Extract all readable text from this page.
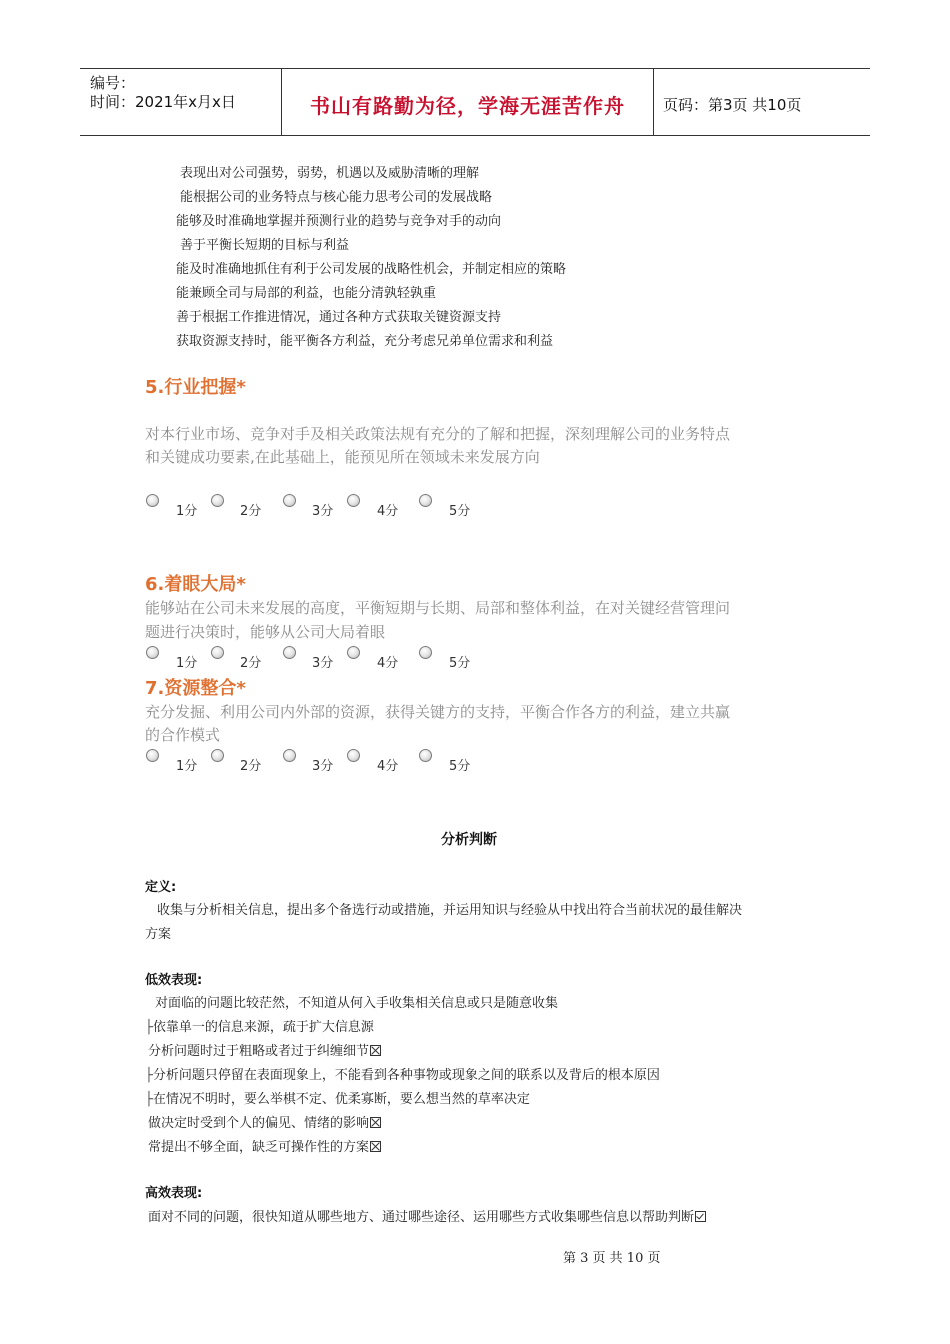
编号：
时间：2021年x月x日	书山有路勤为径，学海无涯苦作舟	页码：第3页 共10页
表现出对公司强势，弱势，机遇以及威胁清晰的理解
能根据公司的业务特点与核心能力思考公司的发展战略
能够及时准确地掌握并预测行业的趋势与竞争对手的动向
善于平衡长短期的目标与利益
能及时准确地抓住有利于公司发展的战略性机会，并制定相应的策略
能兼顾全司与局部的利益，也能分清孰轻孰重
善于根据工作推进情况，通过各种方式获取关键资源支持
获取资源支持时，能平衡各方利益，充分考虑兄弟单位需求和利益
5.行业把握*
对本行业市场、竞争对手及相关政策法规有充分的了解和把握，深刻理解公司的业务特点
和关键成功要素,在此基础上，能预见所在领域未来发展方向
1分	2分	3分	4分	5分
6.着眼大局*
能够站在公司未来发展的高度，平衡短期与长期、局部和整体利益，在对关键经营管理问
题进行决策时，能够从公司大局着眼
1分	2分	3分	4分	5分
7.资源整合*
充分发掘、利用公司内外部的资源，获得关键方的支持，平衡合作各方的利益，建立共赢
的合作模式
1分	2分	3分	4分	5分
分析判断
定义:
收集与分析相关信息，提出多个备选行动或措施，并运用知识与经验从中找出符合当前状况的最佳解决
方案
低效表现:
对面临的问题比较茫然，不知道从何入手收集相关信息或只是随意收集
├依靠单一的信息来源，疏于扩大信息源
分析问题时过于粗略或者过于纠缠细节
├分析问题只停留在表面现象上，不能看到各种事物或现象之间的联系以及背后的根本原因
├在情况不明时，要么举棋不定、优柔寡断，要么想当然的草率决定
做决定时受到个人的偏见、情绪的影响
常提出不够全面，缺乏可操作性的方案
高效表现:
面对不同的问题，很快知道从哪些地方、通过哪些途径、运用哪些方式收集哪些信息以帮助判断
第 3 页 共 10 页
